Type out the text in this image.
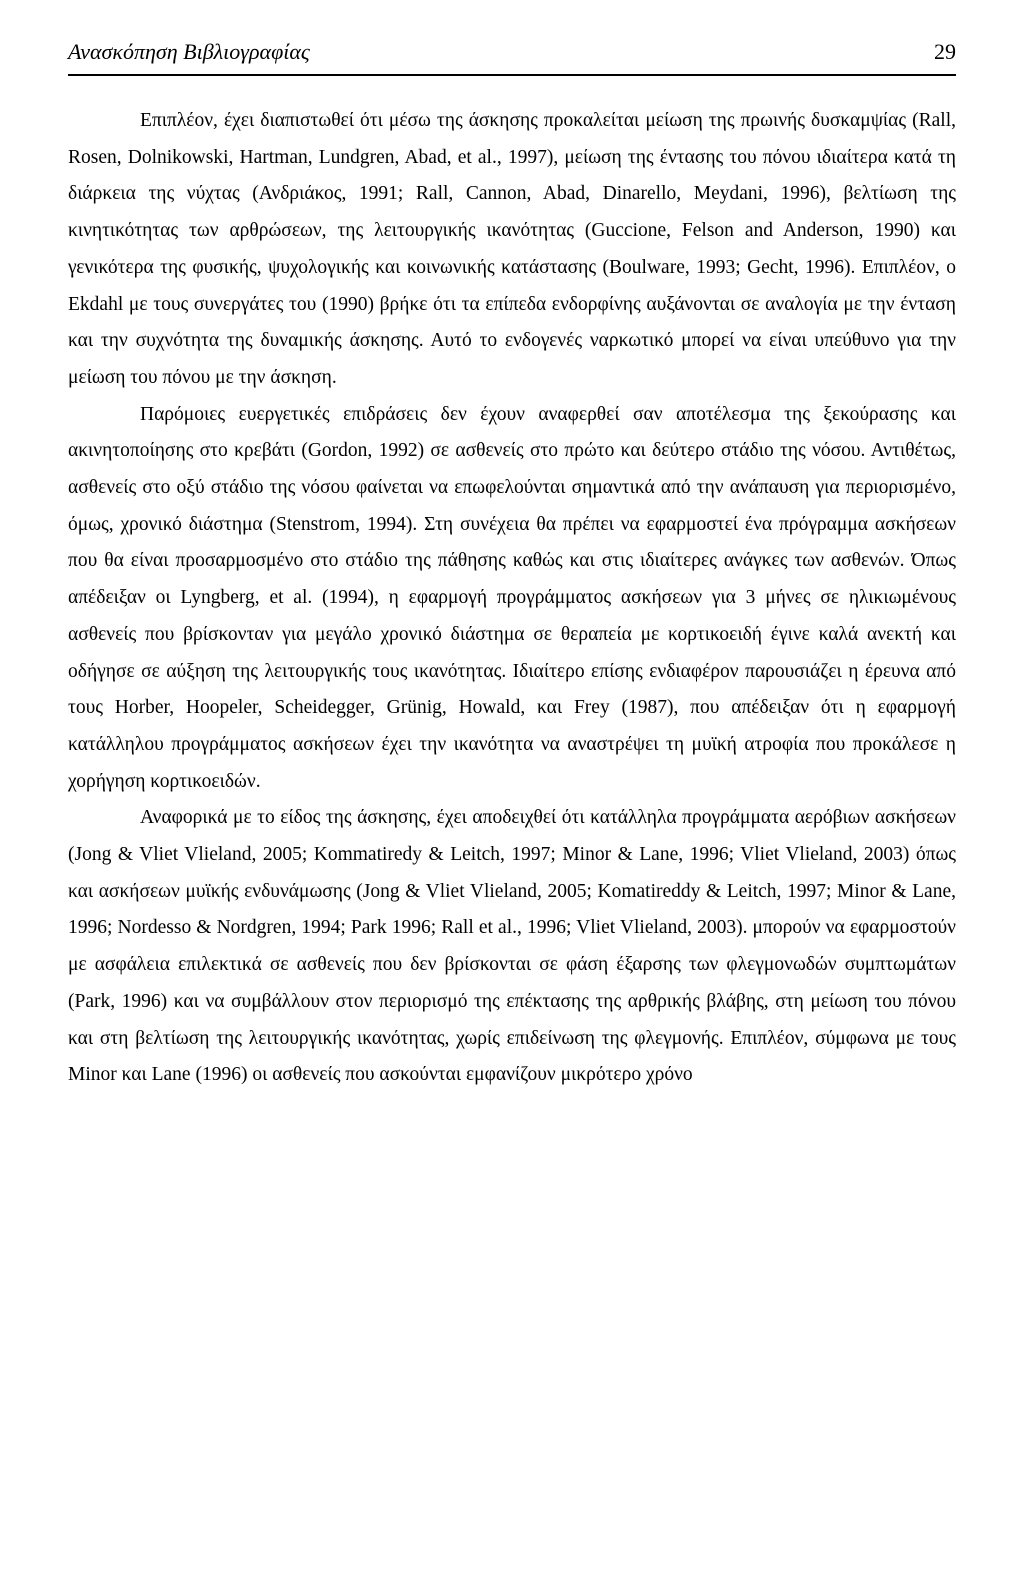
Ανασκόπηση Βιβλιογραφίας	29

Επιπλέον, έχει διαπιστωθεί ότι μέσω της άσκησης προκαλείται μείωση της πρωινής δυσκαμψίας (Rall, Rosen, Dolnikowski, Hartman, Lundgren, Abad, et al., 1997), μείωση της έντασης του πόνου ιδιαίτερα κατά τη διάρκεια της νύχτας (Ανδριάκος, 1991; Rall, Cannon, Abad, Dinarello, Meydani, 1996), βελτίωση της κινητικότητας των αρθρώσεων, της λειτουργικής ικανότητας (Guccione, Felson and Anderson, 1990) και γενικότερα της φυσικής, ψυχολογικής και κοινωνικής κατάστασης (Boulware, 1993; Gecht, 1996). Επιπλέον, ο Ekdahl με τους συνεργάτες του (1990) βρήκε ότι τα επίπεδα ενδορφίνης αυξάνονται σε αναλογία με την ένταση και την συχνότητα της δυναμικής άσκησης. Αυτό το ενδογενές ναρκωτικό μπορεί να είναι υπεύθυνο για την μείωση του πόνου με την άσκηση.

Παρόμοιες ευεργετικές επιδράσεις δεν έχουν αναφερθεί σαν αποτέλεσμα της ξεκούρασης και ακινητοποίησης στο κρεβάτι (Gordon, 1992) σε ασθενείς στο πρώτο και δεύτερο στάδιο της νόσου. Αντιθέτως, ασθενείς στο οξύ στάδιο της νόσου φαίνεται να επωφελούνται σημαντικά από την ανάπαυση για περιορισμένο, όμως, χρονικό διάστημα (Stenstrom, 1994). Στη συνέχεια θα πρέπει να εφαρμοστεί ένα πρόγραμμα ασκήσεων που θα είναι προσαρμοσμένο στο στάδιο της πάθησης καθώς και στις ιδιαίτερες ανάγκες των ασθενών. Όπως απέδειξαν οι Lyngberg, et al. (1994), η εφαρμογή προγράμματος ασκήσεων για 3 μήνες σε ηλικιωμένους ασθενείς που βρίσκονταν για μεγάλο χρονικό διάστημα σε θεραπεία με κορτικοειδή έγινε καλά ανεκτή και οδήγησε σε αύξηση της λειτουργικής τους ικανότητας. Ιδιαίτερο επίσης ενδιαφέρον παρουσιάζει η έρευνα από τους Horber, Hoopeler, Scheidegger, Grünig, Howald, και Frey (1987), που απέδειξαν ότι η εφαρμογή κατάλληλου προγράμματος ασκήσεων έχει την ικανότητα να αναστρέψει τη μυϊκή ατροφία που προκάλεσε η χορήγηση κορτικοειδών.

Αναφορικά με το είδος της άσκησης, έχει αποδειχθεί ότι κατάλληλα προγράμματα αερόβιων ασκήσεων (Jong & Vliet Vlieland, 2005; Kommatiredy & Leitch, 1997; Minor & Lane, 1996; Vliet Vlieland, 2003) όπως και ασκήσεων μυϊκής ενδυνάμωσης (Jong & Vliet Vlieland, 2005; Komatireddy & Leitch, 1997; Minor & Lane, 1996; Nordesso & Nordgren, 1994; Park 1996; Rall et al., 1996; Vliet Vlieland, 2003). μπορούν να εφαρμοστούν με ασφάλεια επιλεκτικά σε ασθενείς που δεν βρίσκονται σε φάση έξαρσης των φλεγμονωδών συμπτωμάτων (Park, 1996) και να συμβάλλουν στον περιορισμό της επέκτασης της αρθρικής βλάβης, στη μείωση του πόνου και στη βελτίωση της λειτουργικής ικανότητας, χωρίς επιδείνωση της φλεγμονής. Επιπλέον, σύμφωνα με τους Minor και Lane (1996) οι ασθενείς που ασκούνται εμφανίζουν μικρότερο χρόνο
